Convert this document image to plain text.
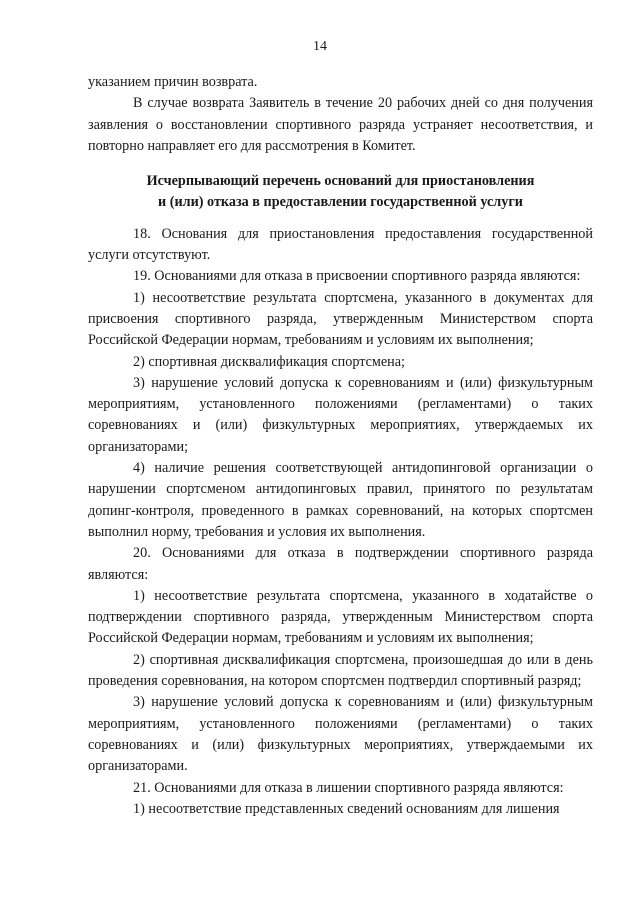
14

указанием причин возврата.

В случае возврата Заявитель в течение 20 рабочих дней со дня получения заявления о восстановлении спортивного разряда устраняет несоответствия, и повторно направляет его для рассмотрения в Комитет.

Исчерпывающий перечень оснований для приостановления
и (или) отказа в предоставлении государственной услуги

18. Основания для приостановления предоставления государственной услуги отсутствуют.

19. Основаниями для отказа в присвоении спортивного разряда являются:

1) несоответствие результата спортсмена, указанного в документах для присвоения спортивного разряда, утвержденным Министерством спорта Российской Федерации нормам, требованиям и условиям их выполнения;

2) спортивная дисквалификация спортсмена;

3) нарушение условий допуска к соревнованиям и (или) физкультурным мероприятиям, установленного положениями (регламентами) о таких соревнованиях и (или) физкультурных мероприятиях, утверждаемых их организаторами;

4) наличие решения соответствующей антидопинговой организации о нарушении спортсменом антидопинговых правил, принятого по результатам допинг-контроля, проведенного в рамках соревнований, на которых спортсмен выполнил норму, требования и условия их выполнения.

20. Основаниями для отказа в подтверждении спортивного разряда являются:

1) несоответствие результата спортсмена, указанного в ходатайстве о подтверждении спортивного разряда, утвержденным Министерством спорта Российской Федерации нормам, требованиям и условиям их выполнения;

2) спортивная дисквалификация спортсмена, произошедшая до или в день проведения соревнования, на котором спортсмен подтвердил спортивный разряд;

3) нарушение условий допуска к соревнованиям и (или) физкультурным мероприятиям, установленного положениями (регламентами) о таких соревнованиях и (или) физкультурных мероприятиях, утверждаемыми их организаторами.

21. Основаниями для отказа в лишении спортивного разряда являются:

1) несоответствие представленных сведений основаниям для лишения
